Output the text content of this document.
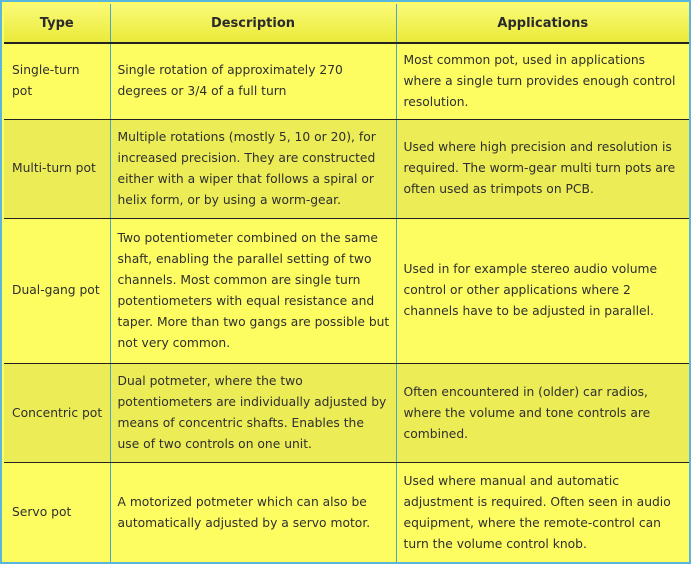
Type	Description	Applications
Single-turn pot	Single rotation of approximately 270 degrees or 3/4 of a full turn	Most common pot, used in applications where a single turn provides enough control resolution.
Multi-turn pot	Multiple rotations (mostly 5, 10 or 20), for increased precision. They are constructed either with a wiper that follows a spiral or helix form, or by using a worm-gear.	Used where high precision and resolution is required. The worm-gear multi turn pots are often used as trimpots on PCB.
Dual-gang pot	Two potentiometer combined on the same shaft, enabling the parallel setting of two channels. Most common are single turn potentiometers with equal resistance and taper. More than two gangs are possible but not very common.	Used in for example stereo audio volume control or other applications where 2 channels have to be adjusted in parallel.
Concentric pot	Dual potmeter, where the two potentiometers are individually adjusted by means of concentric shafts. Enables the use of two controls on one unit.	Often encountered in (older) car radios, where the volume and tone controls are combined.
Servo pot	A motorized potmeter which can also be automatically adjusted by a servo motor.	Used where manual and automatic adjustment is required. Often seen in audio equipment, where the remote-control can turn the volume control knob.
